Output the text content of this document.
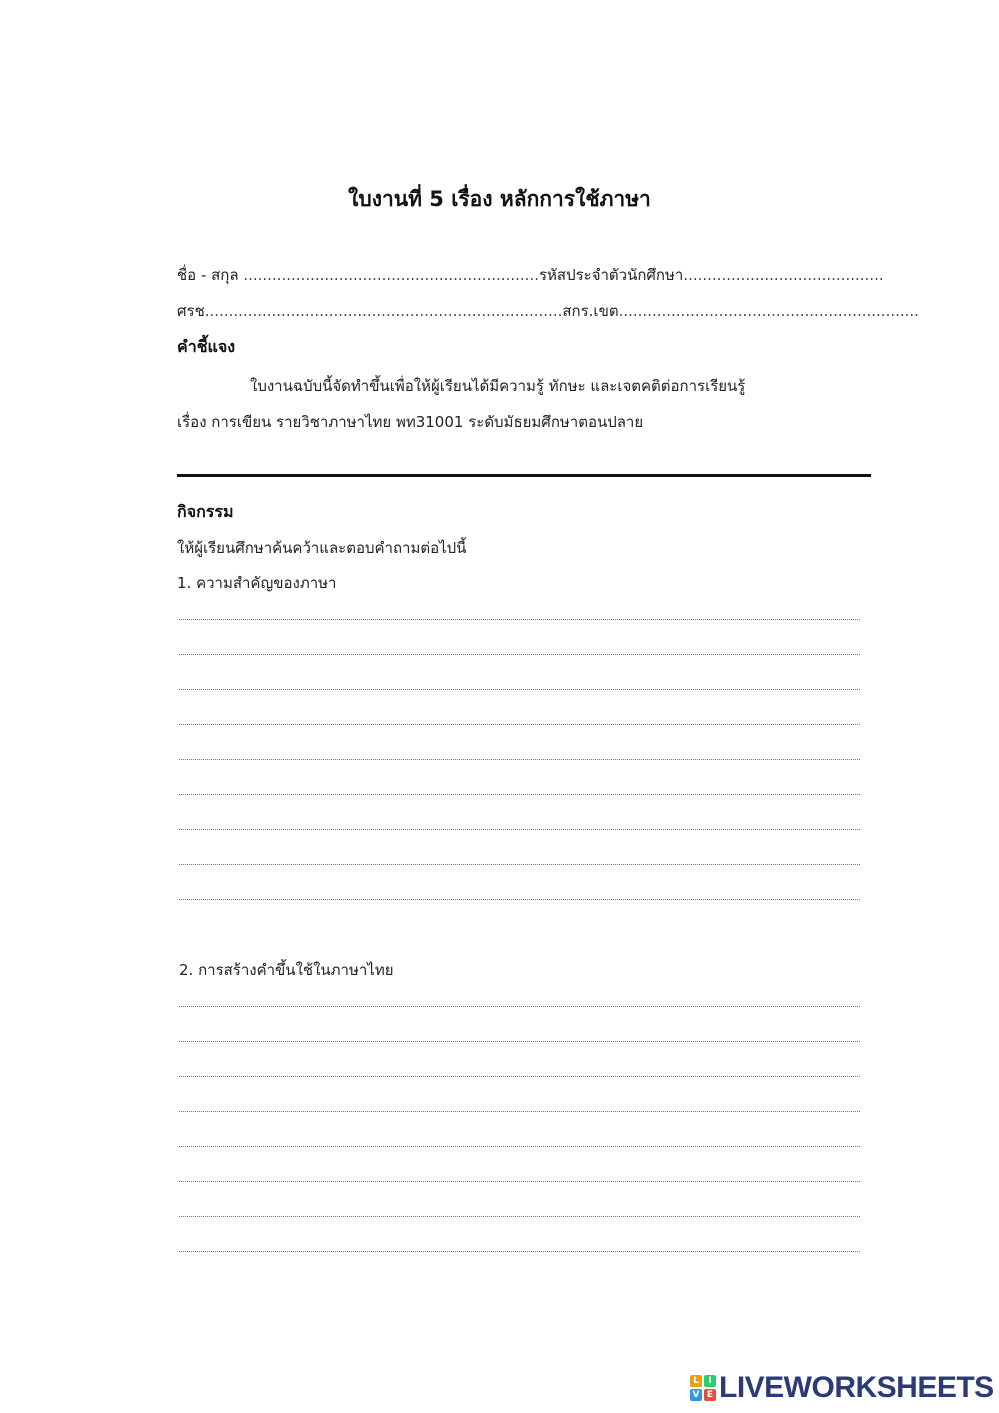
ใบงานที่ 5 เรื่อง หลักการใช้ภาษา
ชื่อ - สกุล ..............................................................รหัสประจำตัวนักศึกษา..........................................
ศรช...........................................................................สกร.เขต...............................................................
คำชี้แจง
ใบงานฉบับนี้จัดทำขึ้นเพื่อให้ผู้เรียนได้มีความรู้ ทักษะ และเจตคติต่อการเรียนรู้
เรื่อง การเขียน รายวิชาภาษาไทย พท31001 ระดับมัธยมศึกษาตอนปลาย
กิจกรรม
ให้ผู้เรียนศึกษาค้นคว้าและตอบคำถามต่อไปนี้
1. ความสำคัญของภาษา
2. การสร้างคำขึ้นใช้ในภาษาไทย
L	I
V E LIVEWORKSHEETS
